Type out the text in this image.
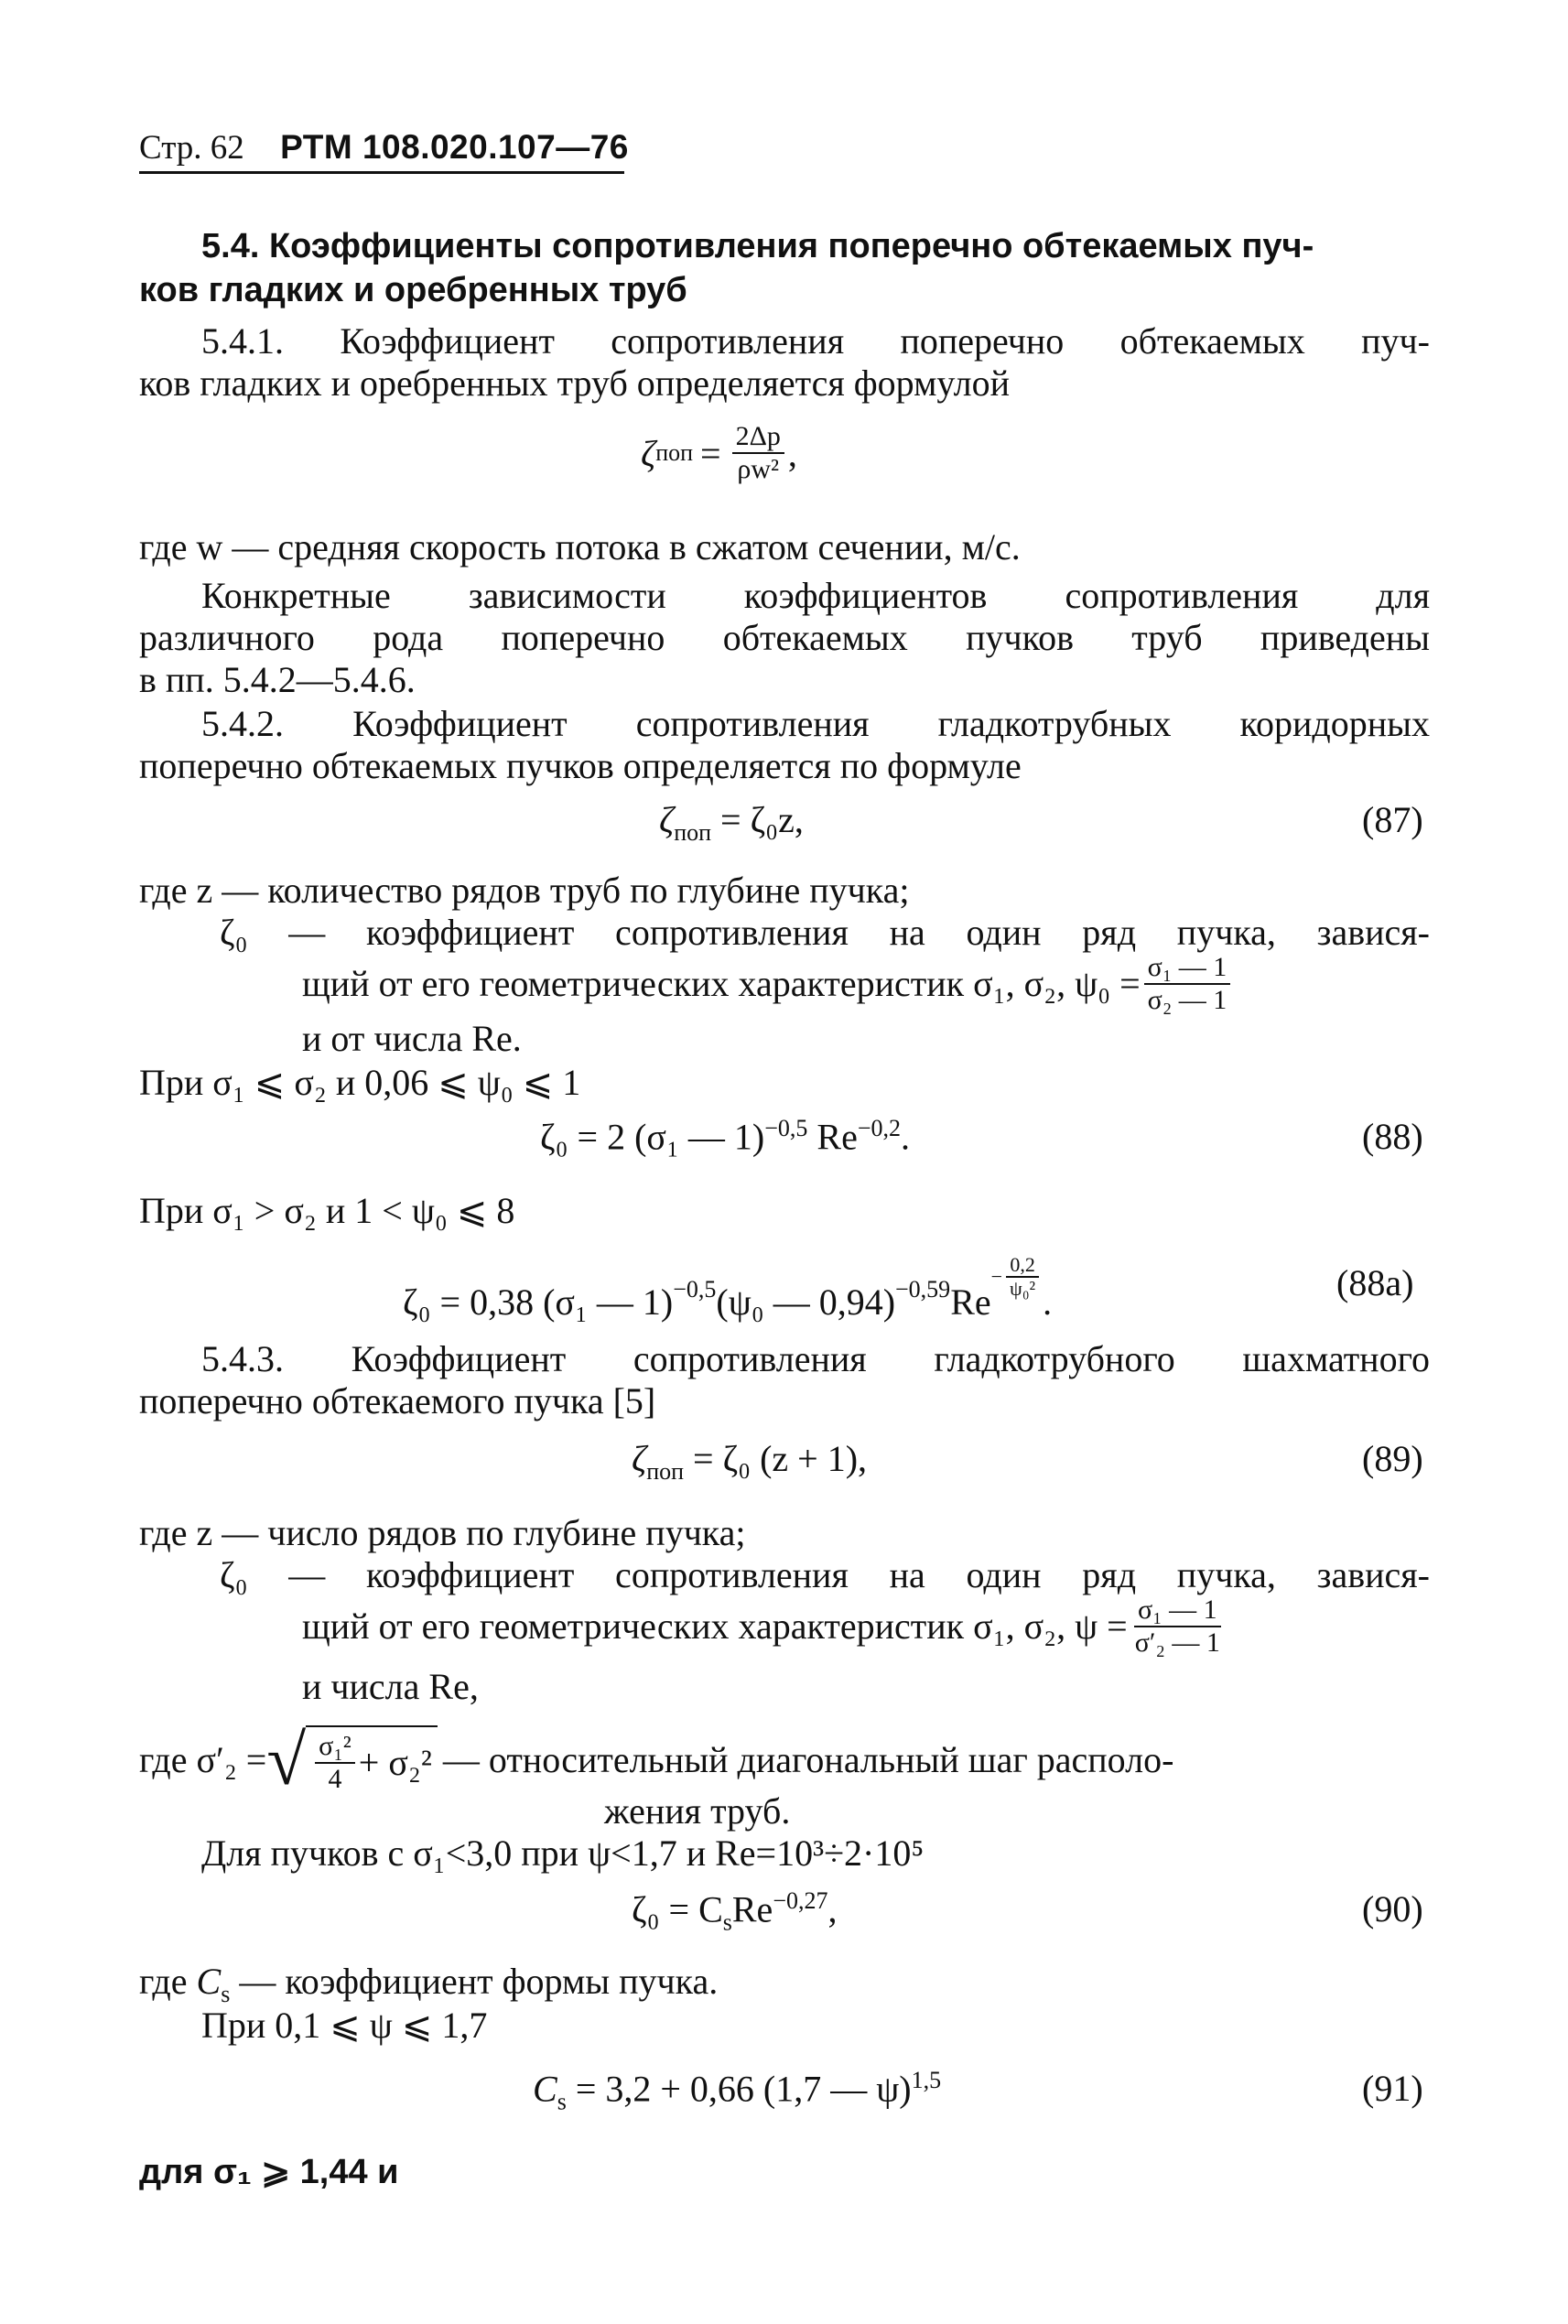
Стр. 62 РТМ 108.020.107—76
5.4. Коэффициенты сопротивления поперечно обтекаемых пуч-
ков гладких и оребренных труб
5.4.1. Коэффициент сопротивления поперечно обтекаемых пуч-
ков гладких и оребренных труб определяется формулой
ζ поп = $\frac{2\Delta p}{\text{ρw²}}$ ,
где w — средняя скорость потока в сжатом сечении, м/с.
Конкретные зависимости коэффициентов сопротивления для
различного рода поперечно обтекаемых пучков труб приведены
в пп. 5.4.2—5.4.6.
5.4.2. Коэффициент сопротивления гладкотрубных коридорных
поперечно обтекаемых пучков определяется по формуле
$\zeta_{поп} = \zeta_0z$,	(87)
где z — количество рядов труб по глубине пучка;
ζ₀ — коэффициент сопротивления на один ряд пучка, завися-
щий от его геометрических характеристик σ₁, σ₂, $\psi_0 = \frac{\text{σ₁ — 1}}{\text{σ₂ — 1}}$
и от числа Re.
При σ₁ ⩽ σ₂ и 0,06 ⩽ ψ₀ ⩽ 1
ζ₀ = 2 (σ₁ — 1)$^{-0,5}$ $Re^{-0,2}$.	(88)
При σ₁ > σ₂ и 1 < ψ₀ ⩽ 8
ζ₀ = 0,38 (σ₁ — 1)$^{-0,5}$ (ψ₀ — 0,94)$^{-0,59}$ Re
− $\frac{0,2}{\text{ψ₀²}}$
.	(88a)
5.4.3. Коэффициент сопротивления гладкотрубного шахматного
поперечно обтекаемого пучка [5]
$\zeta_{поп} = \zeta_0$ (z + 1),	(89)
где z — число рядов по глубине пучка;
ζ₀ — коэффициент сопротивления на один ряд пучка, завися-
щий от его геометрических характеристик σ₁, σ₂, $\psi = \frac{\text{σ₁ — 1}}{\text{σ′₂ — 1}}$
и числа Re,
где σ′₂ = √ $\frac{\text{σ₁²}}{4} + \sigma_2^2$ — относительный диагональный шаг располо-
жения труб.
Для пучков с σ₁<3,0 при ψ<1,7 и Re=10³÷2·10⁵
$\zeta_0 = C_sRe^{-0,27}$,	(90)
где $C_s$ — коэффициент формы пучка.
При 0,1 ⩽ ψ ⩽ 1,7
$C_s = 3,2 + 0,66$ (1,7 — ψ)$^{1,5}$	(91)
для σ₁ ⩾ 1,44 и
